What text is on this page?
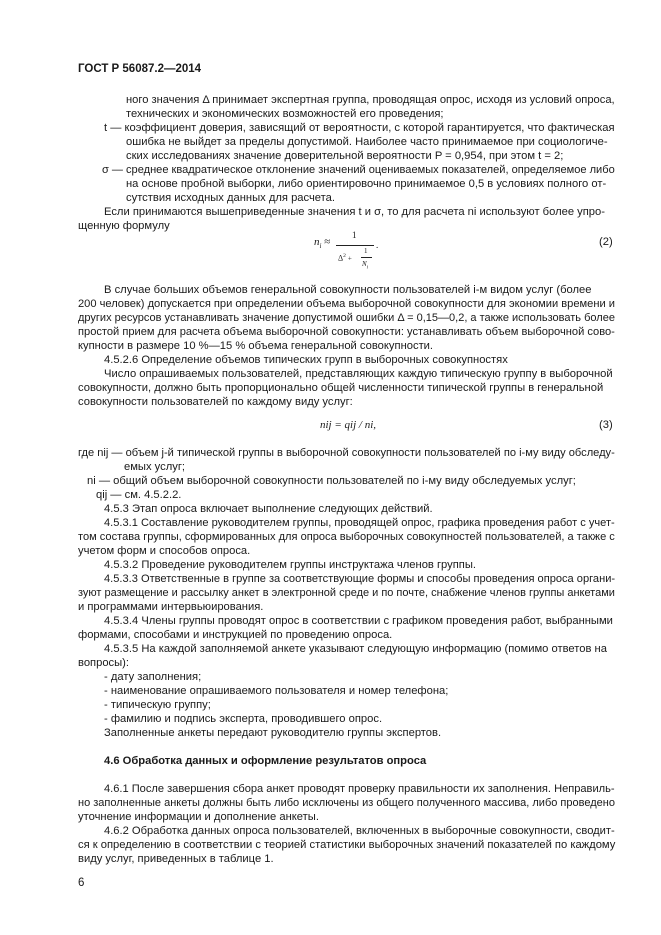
ГОСТ Р 56087.2—2014
ного значения Δ принимает экспертная группа, проводящая опрос, исходя из условий опроса,
технических и экономических возможностей его проведения;
t — коэффициент доверия, зависящий от вероятности, с которой гарантируется, что фактическая
ошибка не выйдет за пределы допустимой. Наиболее часто принимаемое при социологиче-
ских исследованиях значение доверительной вероятности P = 0,954, при этом t = 2;
σ — среднее квадратическое отклонение значений оцениваемых показателей, определяемое либо
на основе пробной выборки, либо ориентировочно принимаемое 0,5 в условиях полного от-
сутствия исходных данных для расчета.
Если принимаются вышеприведенные значения t и σ, то для расчета ni используют более упро-
щенную формулу
$n_i$ ≈
1
$\Delta^2$ +
1
$N_i$
.	(2)
В случае больших объемов генеральной совокупности пользователей i-м видом услуг (более
200 человек) допускается при определении объема выборочной совокупности для экономии времени и
других ресурсов устанавливать значение допустимой ошибки Δ = 0,15—0,2, а также использовать более
простой прием для расчета объема выборочной совокупности: устанавливать объем выборочной сово-
купности в размере 10 %—15 % объема генеральной совокупности.
4.5.2.6 Определение объемов типических групп в выборочных совокупностях
Число опрашиваемых пользователей, представляющих каждую типическую группу в выборочной
совокупности, должно быть пропорционально общей численности типической группы в генеральной
совокупности пользователей по каждому виду услуг:
nij = qij / ni,	(3)
где nij — объем j-й типической группы в выборочной совокупности пользователей по i-му виду обследу-
емых услуг;
ni — общий объем выборочной совокупности пользователей по i-му виду обследуемых услуг;
qij — см. 4.5.2.2.
4.5.3 Этап опроса включает выполнение следующих действий.
4.5.3.1 Составление руководителем группы, проводящей опрос, графика проведения работ с учет-
том состава группы, сформированных для опроса выборочных совокупностей пользователей, а также с
учетом форм и способов опроса.
4.5.3.2 Проведение руководителем группы инструктажа членов группы.
4.5.3.3 Ответственные в группе за соответствующие формы и способы проведения опроса органи-
зуют размещение и рассылку анкет в электронной среде и по почте, снабжение членов группы анкетами
и программами интервьюирования.
4.5.3.4 Члены группы проводят опрос в соответствии с графиком проведения работ, выбранными
формами, способами и инструкцией по проведению опроса.
4.5.3.5 На каждой заполняемой анкете указывают следующую информацию (помимо ответов на
вопросы):
- дату заполнения;
- наименование опрашиваемого пользователя и номер телефона;
- типическую группу;
- фамилию и подпись эксперта, проводившего опрос.
Заполненные анкеты передают руководителю группы экспертов.
4.6 Обработка данных и оформление результатов опроса
4.6.1 После завершения сбора анкет проводят проверку правильности их заполнения. Неправиль-
но заполненные анкеты должны быть либо исключены из общего полученного массива, либо проведено
уточнение информации и дополнение анкеты.
4.6.2 Обработка данных опроса пользователей, включенных в выборочные совокупности, сводит-
ся к определению в соответствии с теорией статистики выборочных значений показателей по каждому
виду услуг, приведенных в таблице 1.
6
